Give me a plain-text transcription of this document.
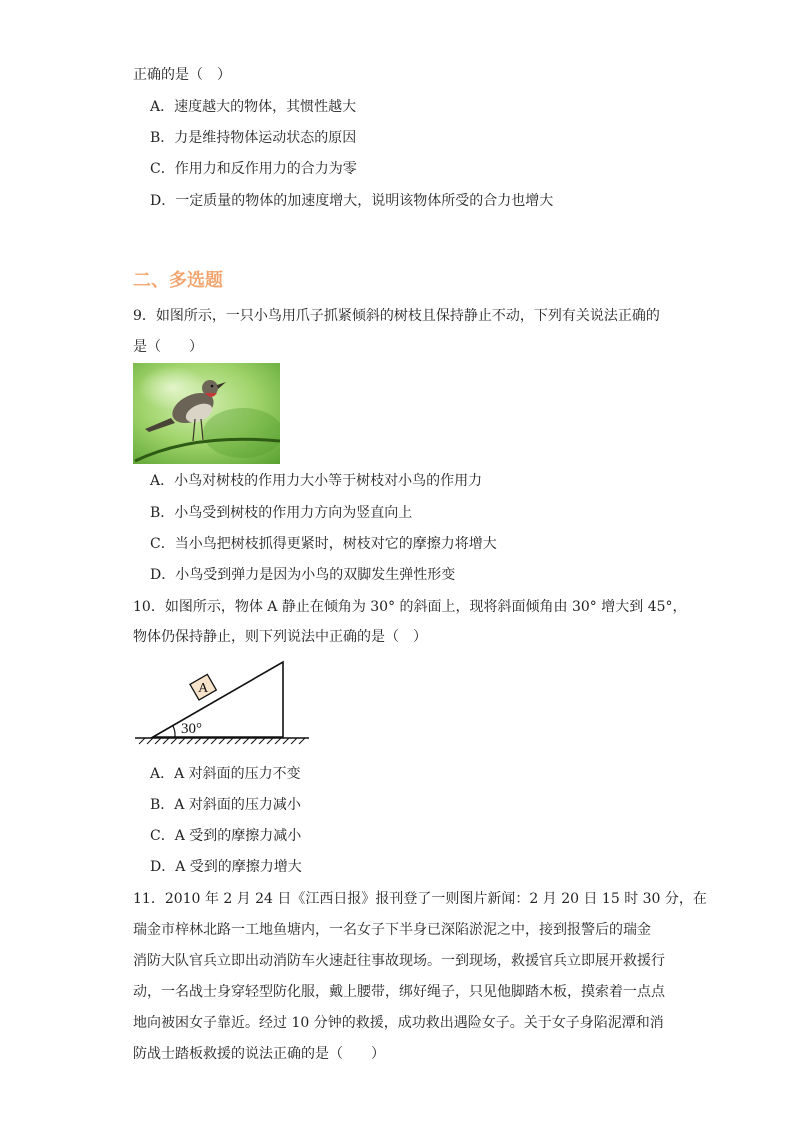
正确的是（　）
A．速度越大的物体，其惯性越大
B．力是维持物体运动状态的原因
C．作用力和反作用力的合力为零
D．一定质量的物体的加速度增大，说明该物体所受的合力也增大
二、多选题
9．如图所示，一只小鸟用爪子抓紧倾斜的树枝且保持静止不动，下列有关说法正确的
是（　　）
A．小鸟对树枝的作用力大小等于树枝对小鸟的作用力
B．小鸟受到树枝的作用力方向为竖直向上
C．当小鸟把树枝抓得更紧时，树枝对它的摩擦力将增大
D．小鸟受到弹力是因为小鸟的双脚发生弹性形变
10．如图所示，物体 A 静止在倾角为 30° 的斜面上，现将斜面倾角由 30° 增大到 45°，
物体仍保持静止，则下列说法中正确的是（　）
A
30°
A．A 对斜面的压力不变
B．A 对斜面的压力减小
C．A 受到的摩擦力减小
D．A 受到的摩擦力增大
11．2010 年 2 月 24 日《江西日报》报刊登了一则图片新闻：2 月 20 日 15 时 30 分，在
瑞金市梓林北路一工地鱼塘内，一名女子下半身已深陷淤泥之中，接到报警后的瑞金
消防大队官兵立即出动消防车火速赶往事故现场。一到现场，救援官兵立即展开救援行
动，一名战士身穿轻型防化服，戴上腰带，绑好绳子，只见他脚踏木板，摸索着一点点
地向被困女子靠近。经过 10 分钟的救援，成功救出遇险女子。关于女子身陷泥潭和消
防战士踏板救援的说法正确的是（　　）
